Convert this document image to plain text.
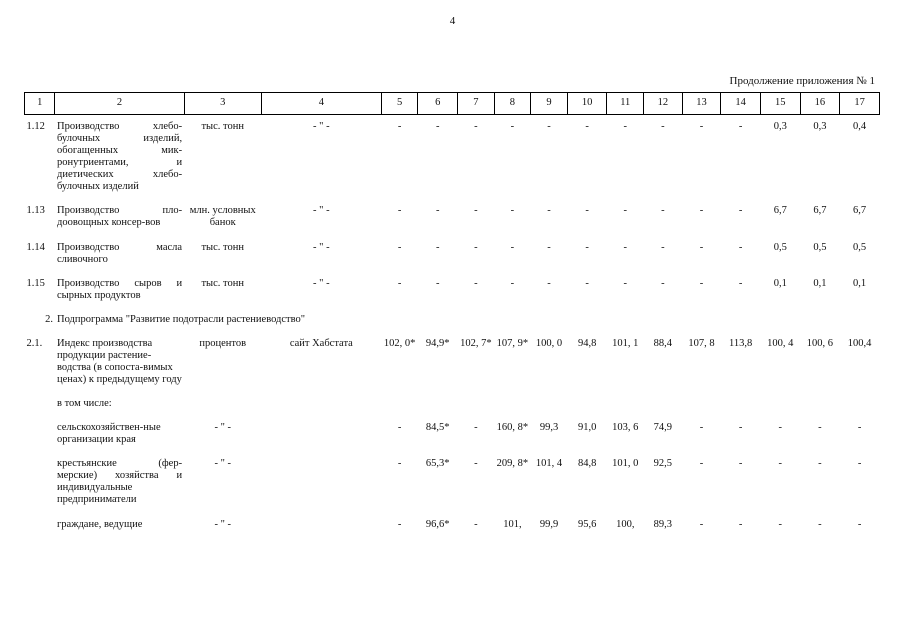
4
Продолжение приложения № 1
1	2	3	4	5	6	7	8	9	10	11	12	13	14	15	16	17

1.12	Производство хлебо-булочных изделий, обогащенных мик-ронутриентами, и диетических хлебо-булочных изделий	тыс. тонн	- " -	-	-	-	-	-	-	-	-	-	-	0,3	0,3	0,4

1.13	Производство пло-доовощных консер-вов	млн. условных банок	- " -	-	-	-	-	-	-	-	-	-	-	6,7	6,7	6,7

1.14	Производство масла сливочного	тыс. тонн	- " -	-	-	-	-	-	-	-	-	-	-	0,5	0,5	0,5

1.15	Производство сыров и сырных продуктов	тыс. тонн	- " -	-	-	-	-	-	-	-	-	-	-	0,1	0,1	0,1

2.	Подпрограмма "Развитие подотрасли растениеводство"															

2.1.	Индекс производства продукции растение-водства (в сопоста-вимых ценах) к предыдущему году	процентов	сайт Хабстата	102, 0*	94,9*	102, 7*	107, 9*	100, 0	94,8	101, 1	88,4	107, 8	113,8	100, 4	100, 6	100,4

	в том числе:															

	сельскохозяйствен-ные организации края	- " -		-	84,5*	-	160, 8*	99,3	91,0	103, 6	74,9	-	-	-	-	-

	крестьянские (фер-мерские) хозяйства и индивидуальные предприниматели	- " -		-	65,3*	-	209, 8*	101, 4	84,8	101, 0	92,5	-	-	-	-	-

	граждане, ведущие	- " -		-	96,6*	-	101,	99,9	95,6	100,	89,3	-	-	-	-	-
